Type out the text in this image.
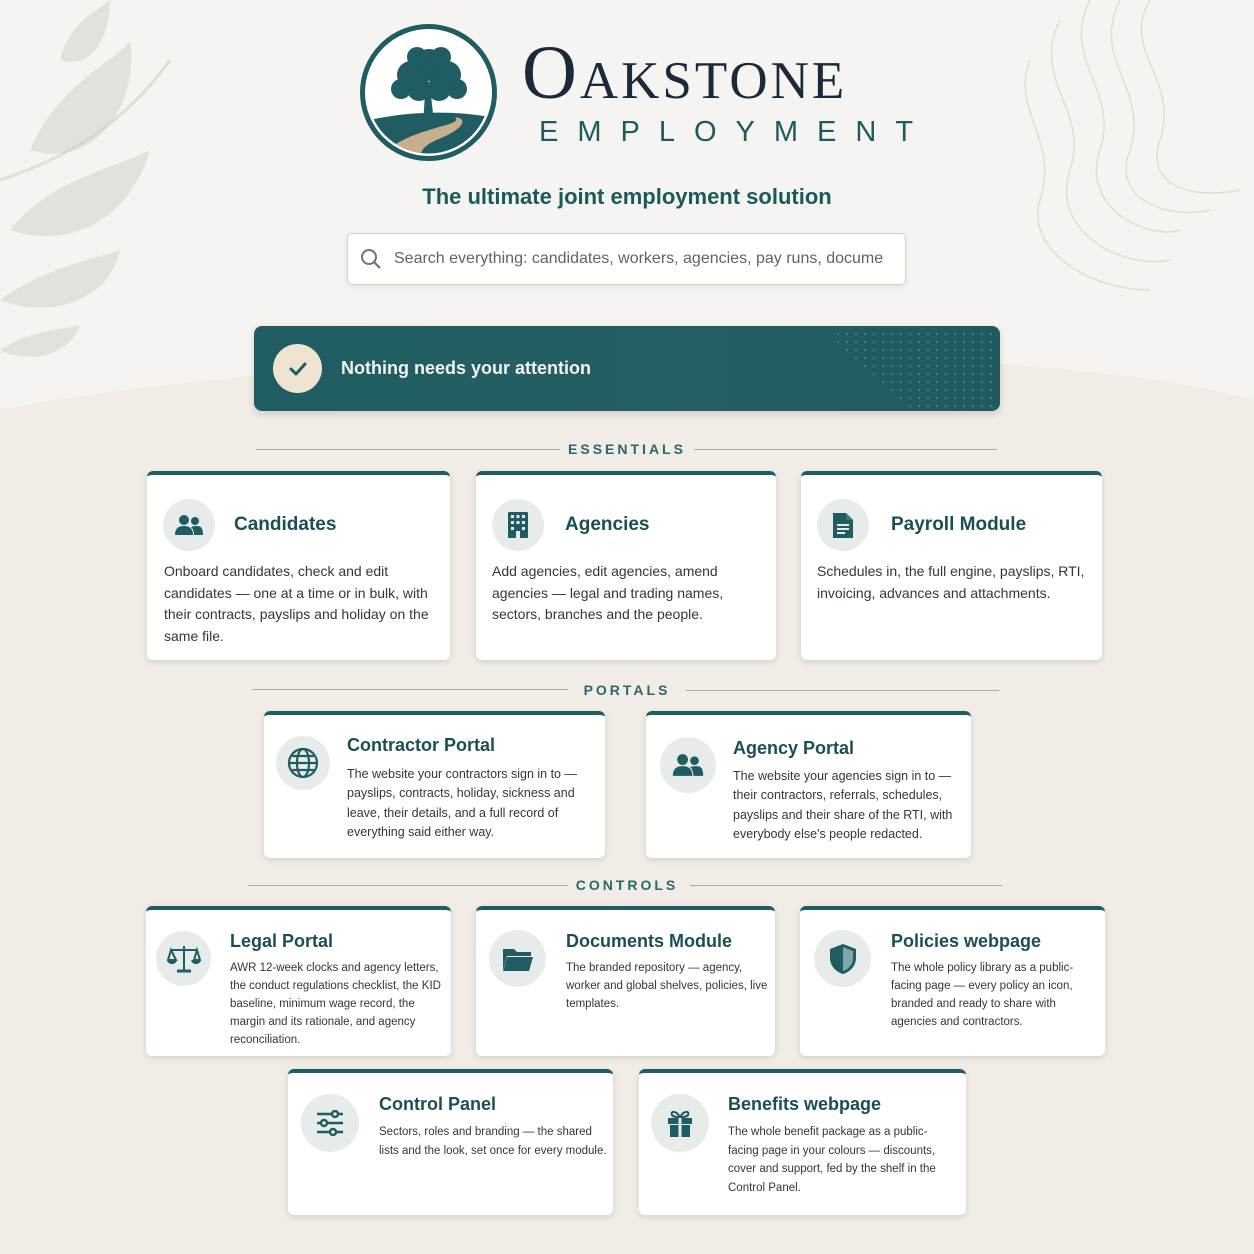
Oakstone
EMPLOYMENT
The ultimate joint employment solution
Search everything: candidates, workers, agencies, pay runs, docume
Nothing needs your attention
ESSENTIALS
Candidates
Onboard candidates, check and edit candidates — one at a time or in bulk, with their contracts, payslips and holiday on the same file.
Agencies
Add agencies, edit agencies, amend agencies — legal and trading names, sectors, branches and the people.
Payroll Module
Schedules in, the full engine, payslips, RTI, invoicing, advances and attachments.
PORTALS
Contractor Portal
The website your contractors sign in to — payslips, contracts, holiday, sickness and leave, their details, and a full record of everything said either way.
Agency Portal
The website your agencies sign in to — their contractors, referrals, schedules, payslips and their share of the RTI, with everybody else's people redacted.
CONTROLS
Legal Portal
AWR 12-week clocks and agency letters, the conduct regulations checklist, the KID baseline, minimum wage record, the margin and its rationale, and agency reconciliation.
Documents Module
The branded repository — agency, worker and global shelves, policies, live templates.
Policies webpage
The whole policy library as a public-facing page — every policy an icon, branded and ready to share with agencies and contractors.
Control Panel
Sectors, roles and branding — the shared lists and the look, set once for every module.
Benefits webpage
The whole benefit package as a public-facing page in your colours — discounts, cover and support, fed by the shelf in the Control Panel.
